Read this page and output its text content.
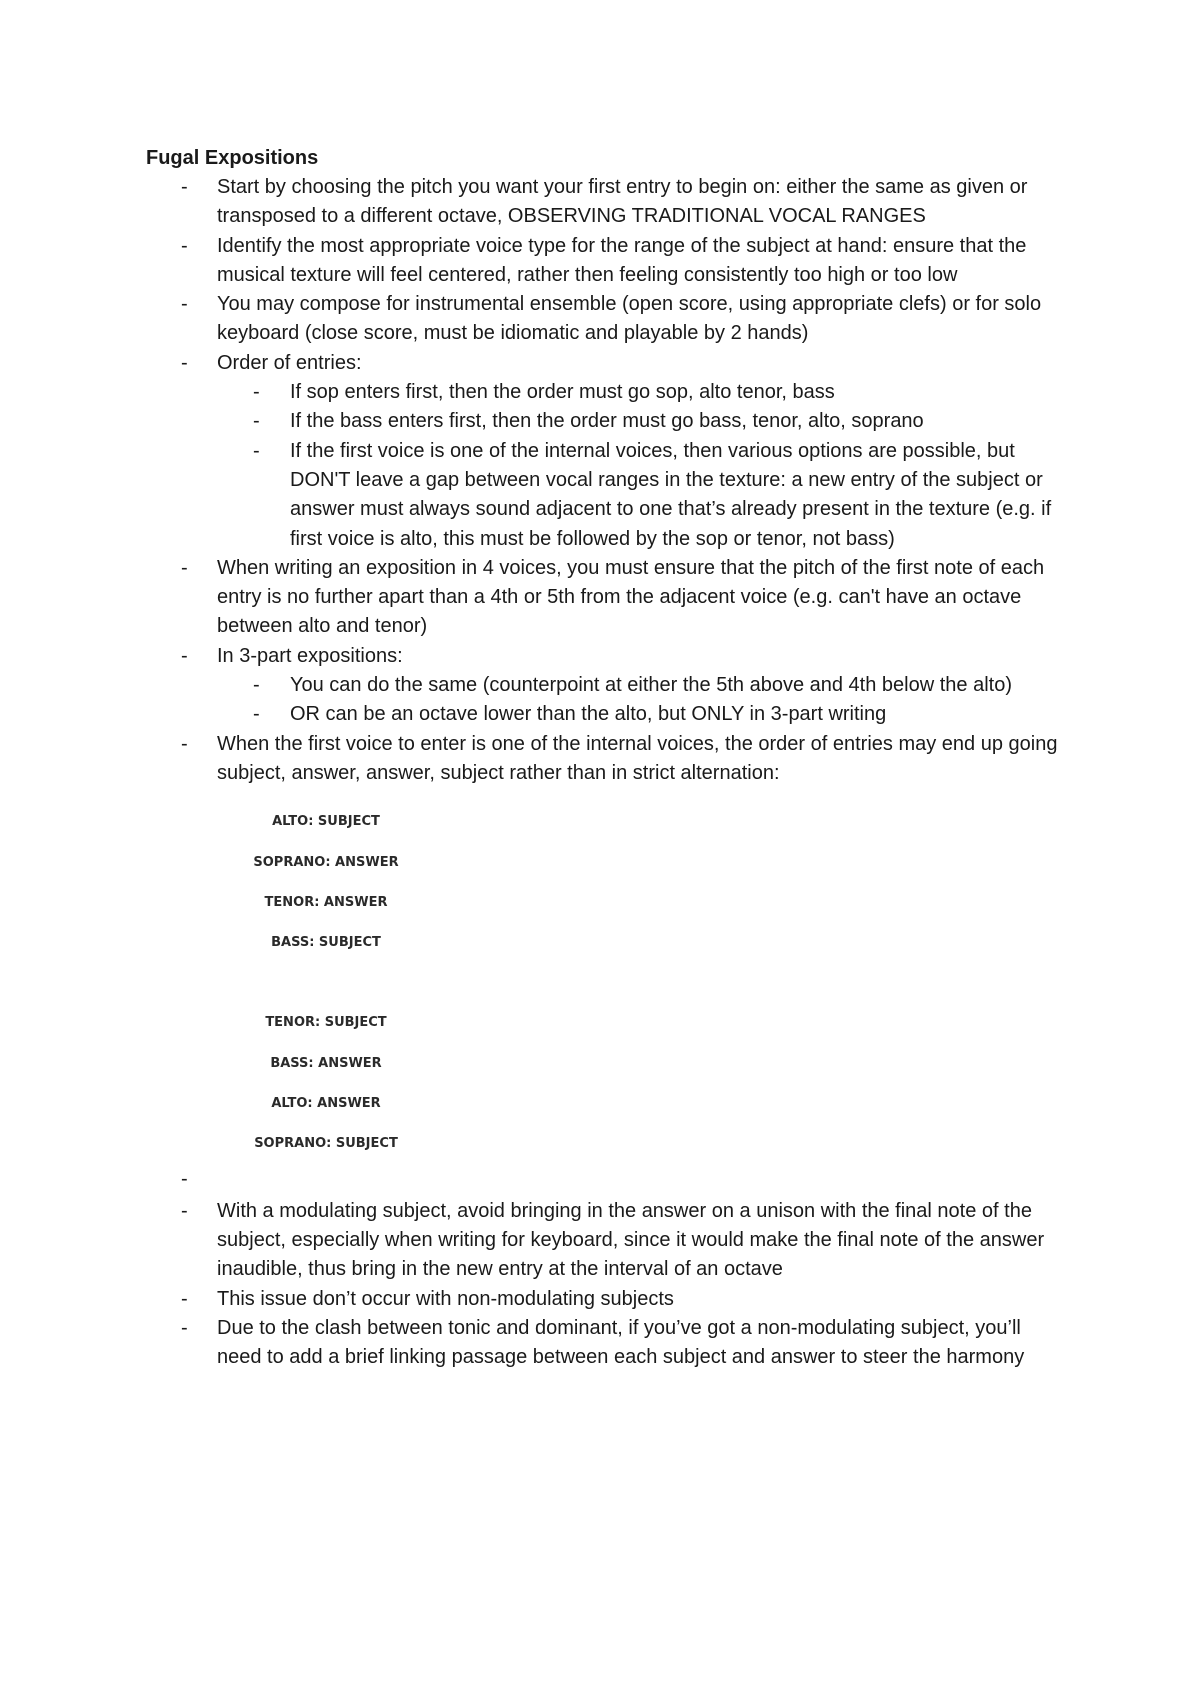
Fugal Expositions
- Start by choosing the pitch you want your first entry to begin on: either the same as given or transposed to a different octave, OBSERVING TRADITIONAL VOCAL RANGES
- Identify the most appropriate voice type for the range of the subject at hand: ensure that the musical texture will feel centered, rather then feeling consistently too high or too low
- You may compose for instrumental ensemble (open score, using appropriate clefs) or for solo keyboard (close score, must be idiomatic and playable by 2 hands)
- Order of entries:
- If sop enters first, then the order must go sop, alto tenor, bass
- If the bass enters first, then the order must go bass, tenor, alto, soprano
- If the first voice is one of the internal voices, then various options are possible, but DON'T leave a gap between vocal ranges in the texture: a new entry of the subject or answer must always sound adjacent to one that’s already present in the texture (e.g. if first voice is alto, this must be followed by the sop or tenor, not bass)
- When writing an exposition in 4 voices, you must ensure that the pitch of the first note of each entry is no further apart than a 4th or 5th from the adjacent voice (e.g. can't have an octave between alto and tenor)
- In 3-part expositions:
- You can do the same (counterpoint at either the 5th above and 4th below the alto)
- OR can be an octave lower than the alto, but ONLY in 3-part writing
- When the first voice to enter is one of the internal voices, the order of entries may end up going subject, answer, answer, subject rather than in strict alternation:
ALTO: SUBJECT
SOPRANO: ANSWER
TENOR: ANSWER
BASS: SUBJECT
TENOR: SUBJECT
BASS: ANSWER
ALTO: ANSWER
SOPRANO: SUBJECT
-
- With a modulating subject, avoid bringing in the answer on a unison with the final note of the subject, especially when writing for keyboard, since it would make the final note of the answer inaudible, thus bring in the new entry at the interval of an octave
- This issue don’t occur with non-modulating subjects
- Due to the clash between tonic and dominant, if you’ve got a non-modulating subject, you’ll need to add a brief linking passage between each subject and answer to steer the harmony
